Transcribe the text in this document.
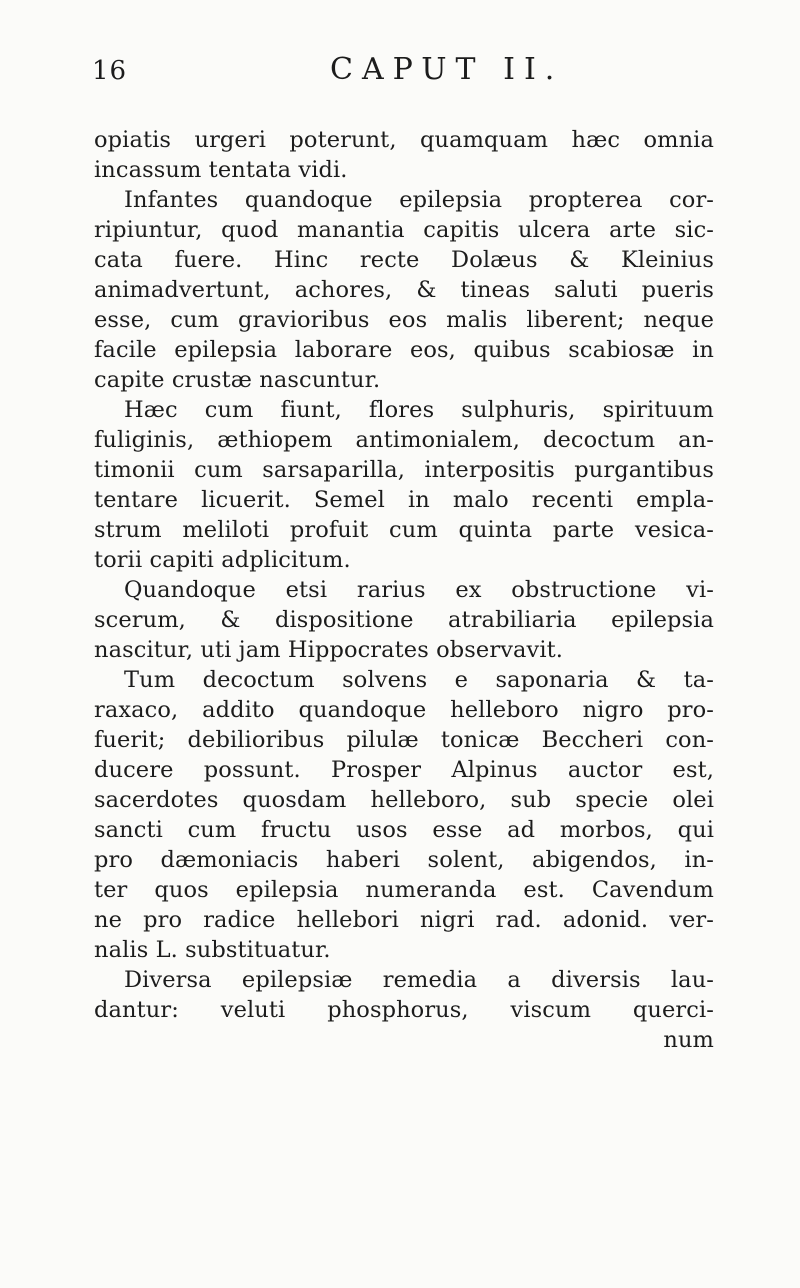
16	CAPUT II.
opiatis urgeri poterunt, quamquam hæc omnia
incassum tentata vidi.
Infantes quandoque epilepsia propterea cor-
ripiuntur, quod manantia capitis ulcera arte sic-
cata fuere. Hinc recte Dolæus & Kleinius
animadvertunt, achores, & tineas saluti pueris
esse, cum gravioribus eos malis liberent; neque
facile epilepsia laborare eos, quibus scabiosæ in
capite crustæ nascuntur.
Hæc cum fiunt, flores sulphuris, spirituum
fuliginis, æthiopem antimonialem, decoctum an-
timonii cum sarsaparilla, interpositis purgantibus
tentare licuerit. Semel in malo recenti empla-
strum meliloti profuit cum quinta parte vesica-
torii capiti adplicitum.
Quandoque etsi rarius ex obstructione vi-
scerum, & dispositione atrabiliaria epilepsia
nascitur, uti jam Hippocrates observavit.
Tum decoctum solvens e saponaria & ta-
raxaco, addito quandoque helleboro nigro pro-
fuerit; debilioribus pilulæ tonicæ Beccheri con-
ducere possunt. Prosper Alpinus auctor est,
sacerdotes quosdam helleboro, sub specie olei
sancti cum fructu usos esse ad morbos, qui
pro dæmoniacis haberi solent, abigendos, in-
ter quos epilepsia numeranda est. Cavendum
ne pro radice hellebori nigri rad. adonid. ver-
nalis L. substituatur.
Diversa epilepsiæ remedia a diversis lau-
dantur: veluti phosphorus, viscum querci-
num
